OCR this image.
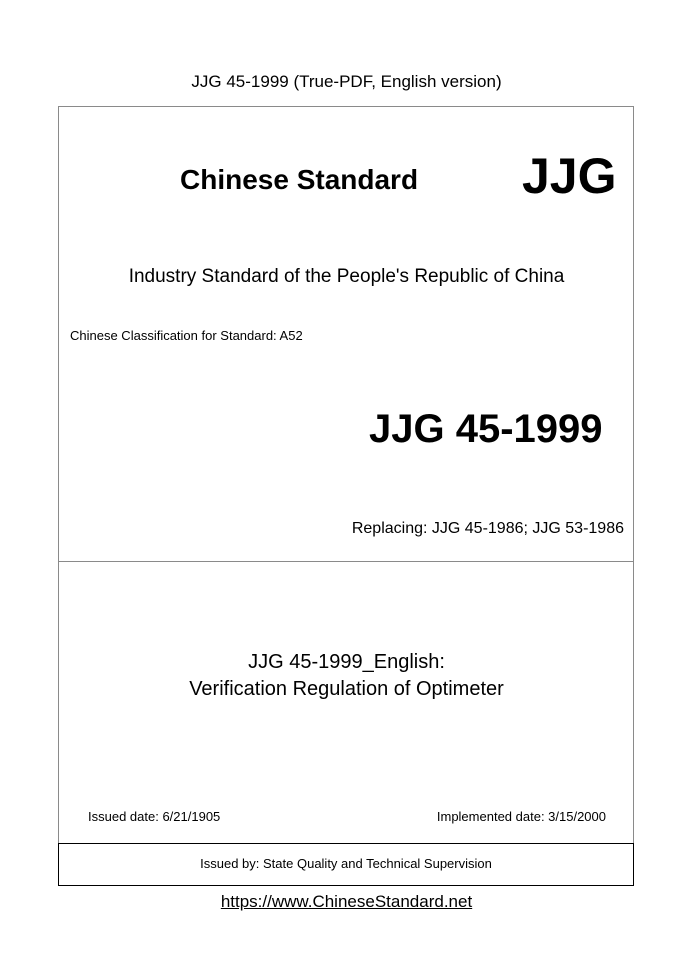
JJG 45-1999 (True-PDF, English version)
Chinese Standard JJG
Industry Standard of the People's Republic of China
Chinese Classification for Standard: A52
JJG 45-1999
Replacing: JJG 45-1986; JJG 53-1986
JJG 45-1999_English:
Verification Regulation of Optimeter
Issued date: 6/21/1905	Implemented date: 3/15/2000
Issued by: State Quality and Technical Supervision
https://www.ChineseStandard.net
